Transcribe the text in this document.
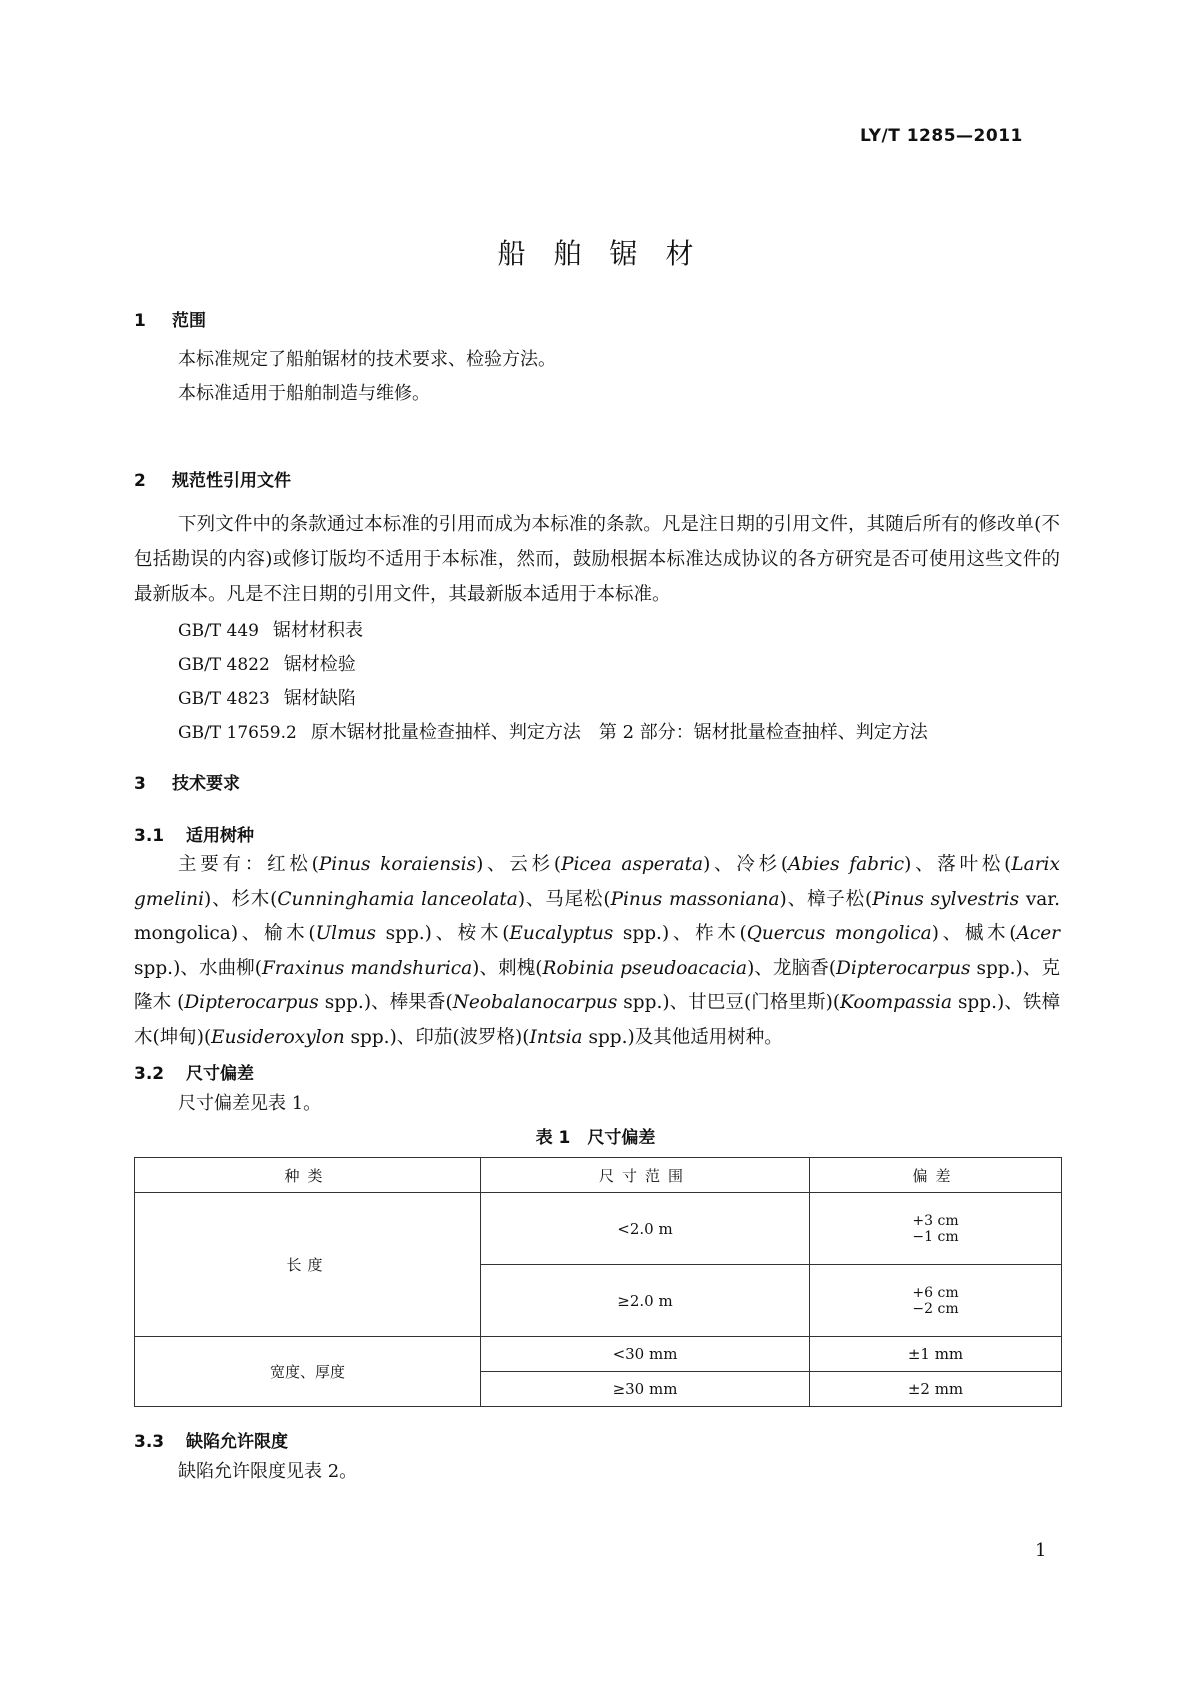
LY/T 1285—2011
船舶锯材
1 范围
本标准规定了船舶锯材的技术要求、检验方法。
本标准适用于船舶制造与维修。
2 规范性引用文件
下列文件中的条款通过本标准的引用而成为本标准的条款。凡是注日期的引用文件，其随后所有的修改单(不包括勘误的内容)或修订版均不适用于本标准，然而，鼓励根据本标准达成协议的各方研究是否可使用这些文件的最新版本。凡是不注日期的引用文件，其最新版本适用于本标准。
GB/T 449 锯材材积表
GB/T 4822 锯材检验
GB/T 4823 锯材缺陷
GB/T 17659.2 原木锯材批量检查抽样、判定方法　第 2 部分：锯材批量检查抽样、判定方法
3 技术要求
3.1 适用树种
主要有：红松(Pinus koraiensis)、云杉(Picea asperata)、冷杉(Abies fabric)、落叶松(Larix gmelini)、杉木(Cunninghamia lanceolata)、马尾松(Pinus massoniana)、樟子松(Pinus sylvestris var. mongolica)、榆木(Ulmus spp.)、桉木(Eucalyptus spp.)、柞木(Quercus mongolica)、槭木(Acer spp.)、水曲柳(Fraxinus mandshurica)、刺槐(Robinia pseudoacacia)、龙脑香(Dipterocarpus spp.)、克隆木 (Dipterocarpus spp.)、棒果香(Neobalanocarpus spp.)、甘巴豆(门格里斯)(Koompassia spp.)、铁樟木(坤甸)(Eusideroxylon spp.)、印茄(波罗格)(Intsia spp.)及其他适用树种。
3.2 尺寸偏差
尺寸偏差见表 1。
表 1　尺寸偏差
种类	尺寸范围	偏差
长度	<2.0 m	+3 cm
−1 cm

	≥2.0 m	+6 cm
−2 cm

宽度、厚度	<30 mm	±1 mm
	≥30 mm	±2 mm
3.3 缺陷允许限度
缺陷允许限度见表 2。
1
